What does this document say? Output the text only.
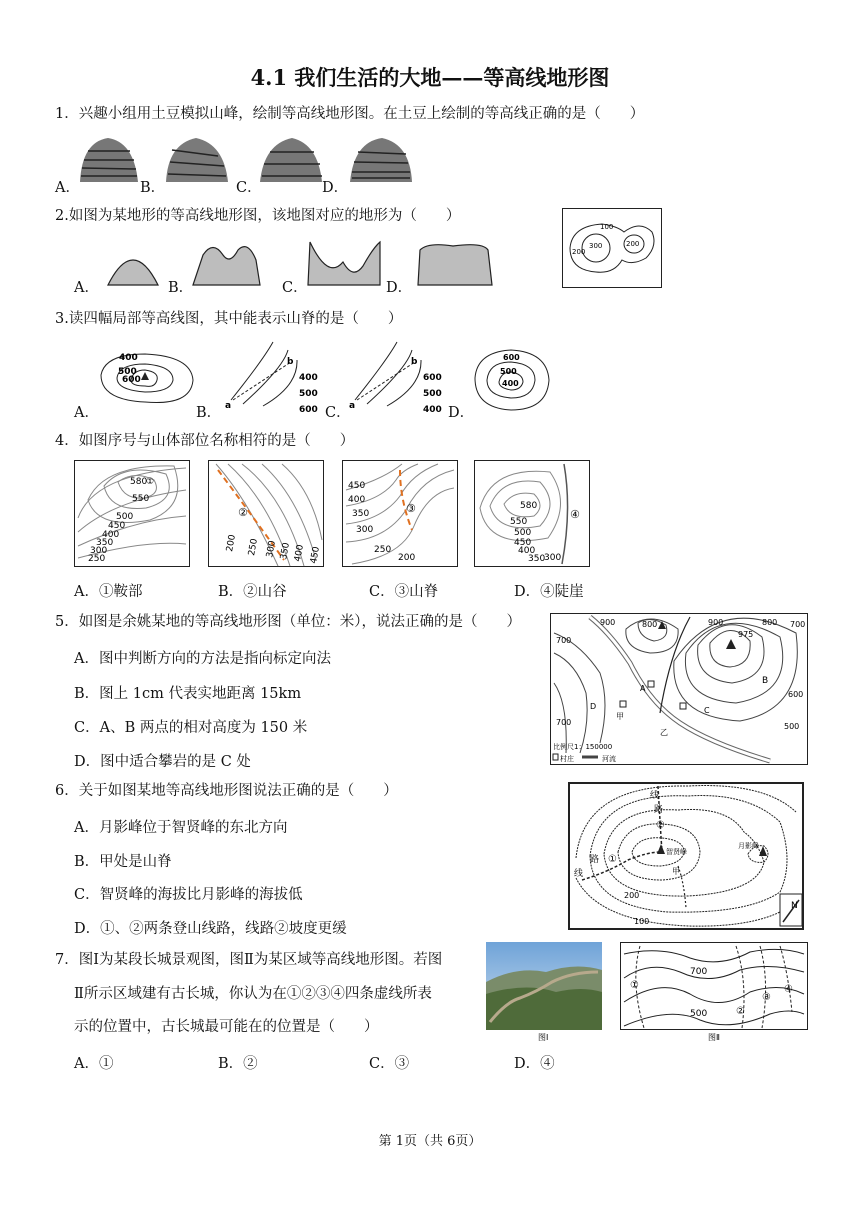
4.1 我们生活的大地——等高线地形图
1．兴趣小组用土豆模拟山峰，绘制等高线地形图。在土豆上绘制的等高线正确的是（　　）
A．	B．	C．	D．
2.如图为某地形的等高线地形图，该地图对应的地形为（　　）
100
300
200
200
A．	B．	C．	D．
3.读四幅局部等高线图，其中能表示山脊的是（　　）
400
500
600
b
400
500
600
a
b
600
500
400
a
600
500
400
A．	B．	C．	D．
4．如图序号与山体部位名称相符的是（　　）
580
①
550
500
450
400
350
300
250
②
200 250 300 350 400 450
450
400
350
300
③
250
200
580
550
500
450
400
350
④
300
A．①鞍部	B．②山谷	C．③山脊	D．④陡崖
5．如图是余姚某地的等高线地形图（单位：米），说法正确的是（　　）
A．图中判断方向的方法是指向标定向法
B．图上 1cm 代表实地距离 15km
C．A、B 两点的相对高度为 150 米
D．图中适合攀岩的是 C 处
900	800	900
975
800 700
700
600
500
B
A
C
D
700
甲
乙
比例尺1：150000
村庄	河流
6．关于如图某地等高线地形图说法正确的是（　　）
A．月影峰位于智贤峰的东北方向
B．甲处是山脊
C．智贤峰的海拔比月影峰的海拔低
D．①、②两条登山线路，线路②坡度更缓
线
路
②
路 ①
线
智贤峰
月影峰
甲
200
100
N
7．图Ⅰ为某段长城景观图，图Ⅱ为某区域等高线地形图。若图
Ⅱ所示区域建有古长城，你认为在①②③④四条虚线所表
示的位置中，古长城最可能在的位置是（　　）
A．①	B．②	C．③	D．④
图Ⅰ
700
①
500	②
③
④
图Ⅱ
第 1页（共 6页）
